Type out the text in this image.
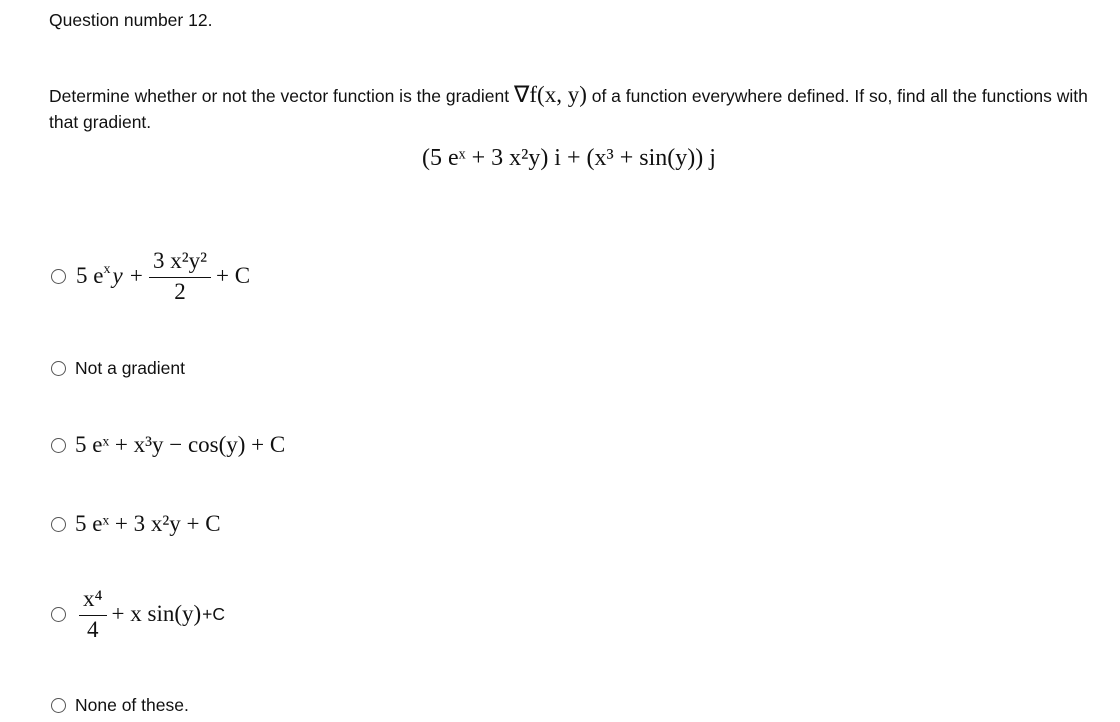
Question number 12.
Determine whether or not the vector function is the gradient ∇f(x, y) of a function everywhere defined. If so, find all the functions with that gradient.
(5 eˣ + 3 x²y) i + (x³ + sin(y)) j
5 $e^x$ $y + \frac{\text{3 x²y²}}{2} + C$
Not a gradient
5 eˣ + x³y − cos(y) + C
5 eˣ + 3 x²y + C
$\frac{\text{x⁴}}{4} + x$ sin(y) +C
None of these.
